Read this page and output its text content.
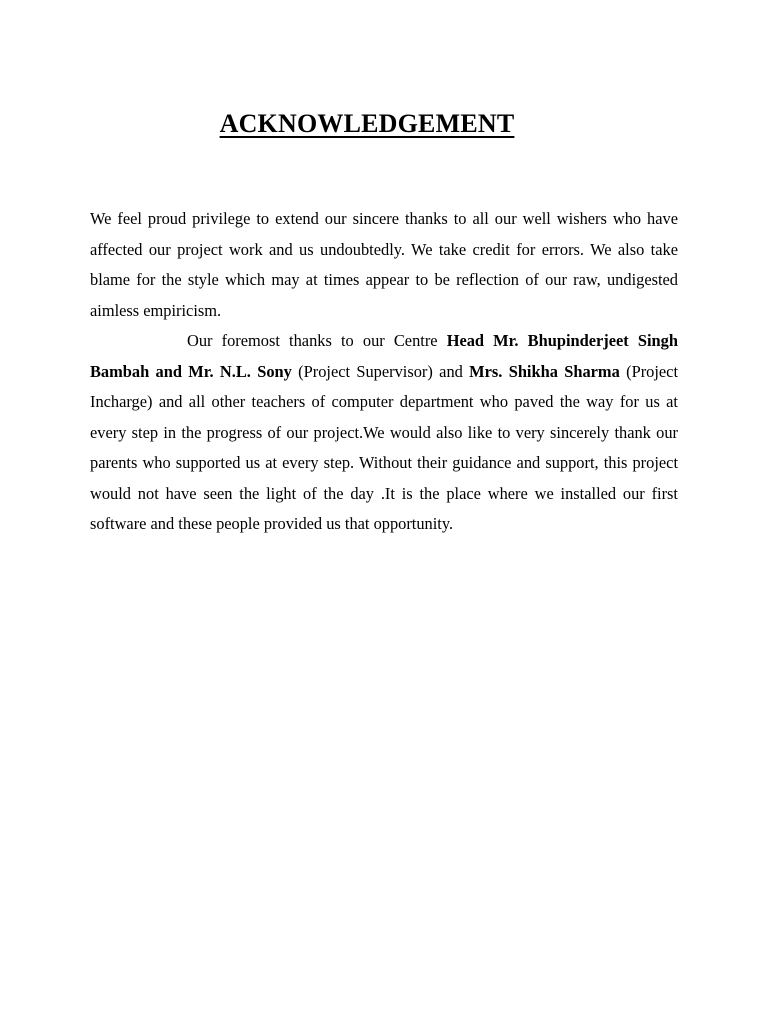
ACKNOWLEDGEMENT

We feel proud privilege to extend our sincere thanks to all our well wishers who have affected our project work and us undoubtedly. We take credit for errors. We also take blame for the style which may at times appear to be reflection of our raw, undigested aimless empiricism.

Our foremost thanks to our Centre Head Mr. Bhupinderjeet Singh Bambah and Mr. N.L. Sony (Project Supervisor) and Mrs. Shikha Sharma (Project Incharge) and all other teachers of computer department who paved the way for us at every step in the progress of our project.We would also like to very sincerely thank our parents who supported us at every step. Without their guidance and support, this project would not have seen the light of the day .It is the place where we installed our first software and these people provided us that opportunity.
